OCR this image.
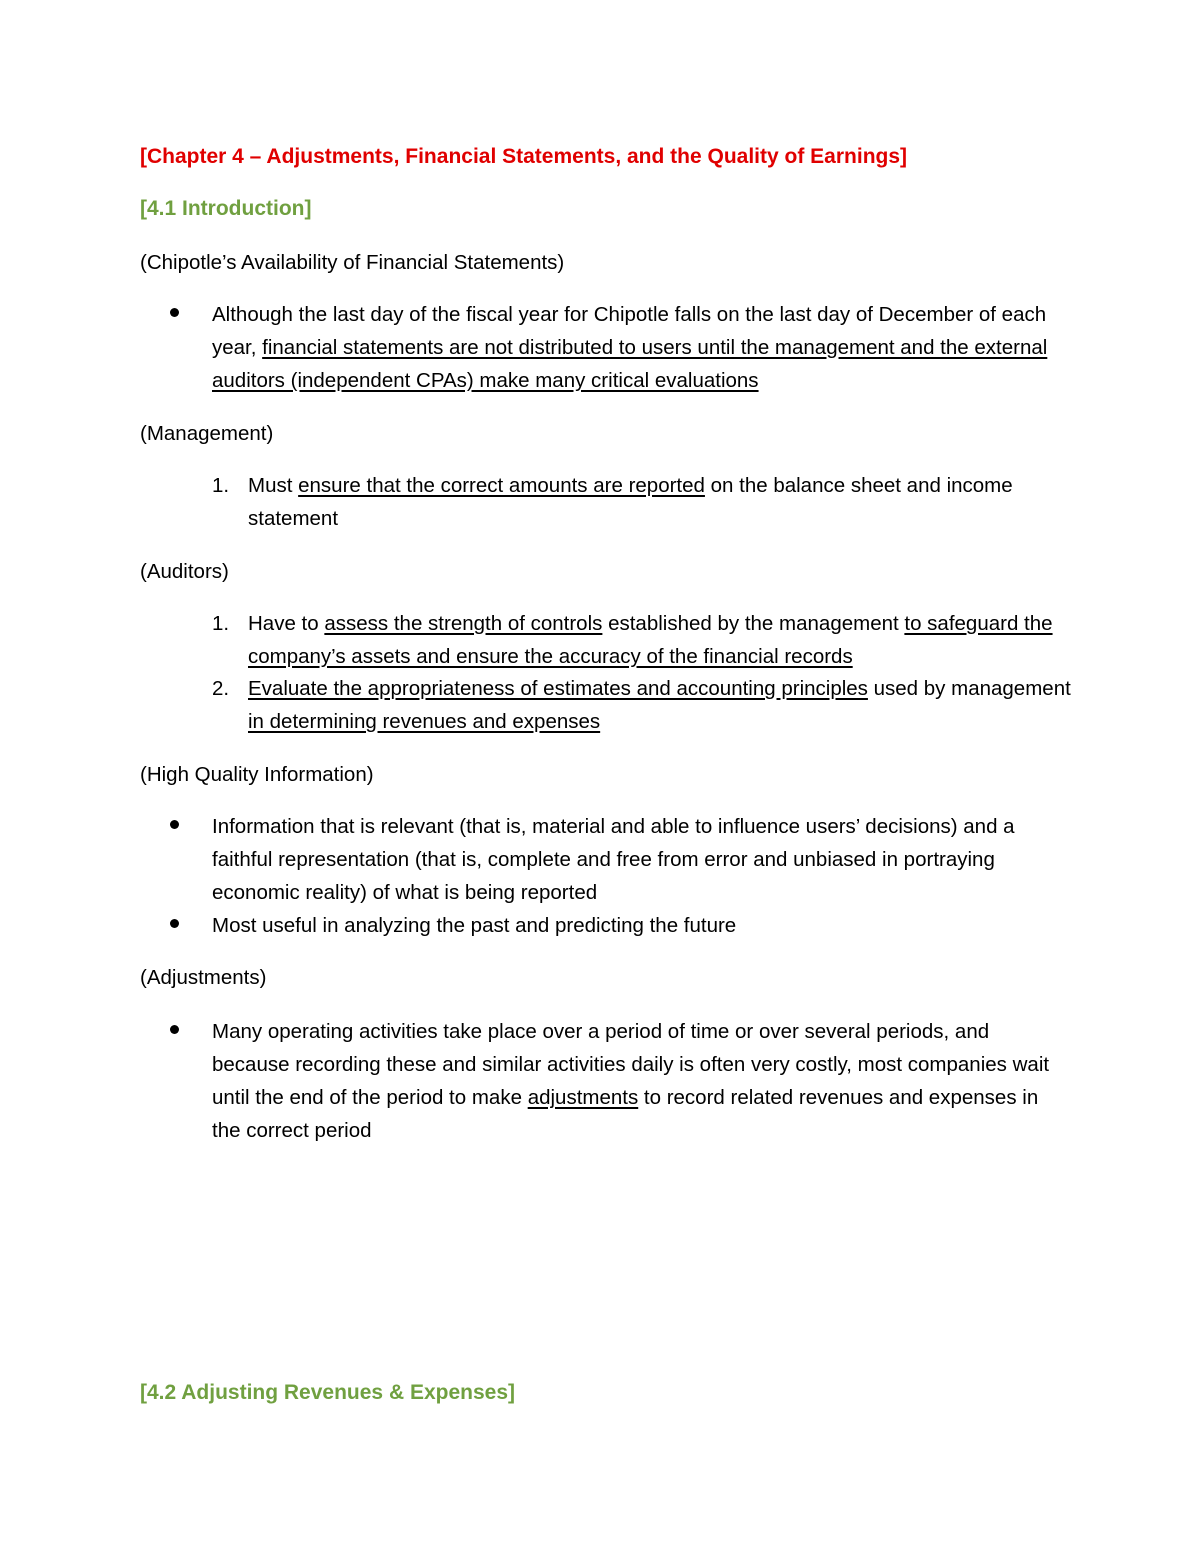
[Chapter 4 – Adjustments, Financial Statements, and the Quality of Earnings]
[4.1 Introduction]
(Chipotle’s Availability of Financial Statements)
Although the last day of the fiscal year for Chipotle falls on the last day of December of each year, financial statements are not distributed to users until the management and the external auditors (independent CPAs) make many critical evaluations
(Management)
1. Must ensure that the correct amounts are reported on the balance sheet and income statement
(Auditors)
1. Have to assess the strength of controls established by the management to safeguard the company’s assets and ensure the accuracy of the financial records
2. Evaluate the appropriateness of estimates and accounting principles used by management in determining revenues and expenses
(High Quality Information)
Information that is relevant (that is, material and able to influence users’ decisions) and a faithful representation (that is, complete and free from error and unbiased in portraying economic reality) of what is being reported
Most useful in analyzing the past and predicting the future
(Adjustments)
Many operating activities take place over a period of time or over several periods, and because recording these and similar activities daily is often very costly, most companies wait until the end of the period to make adjustments to record related revenues and expenses in the correct period
[4.2 Adjusting Revenues & Expenses]
